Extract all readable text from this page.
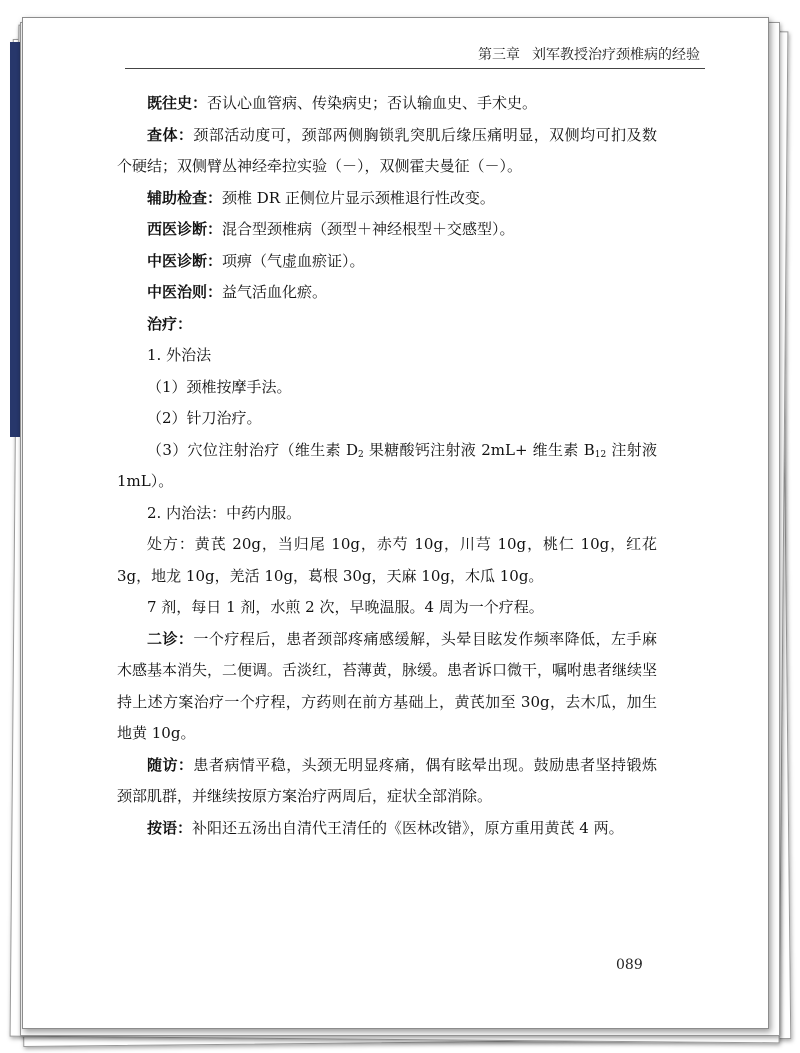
第三章 刘军教授治疗颈椎病的经验

既往史：否认心血管病、传染病史；否认输血史、手术史。

查体：颈部活动度可，颈部两侧胸锁乳突肌后缘压痛明显，双侧均可扪及数个硬结；双侧臂丛神经牵拉实验（－），双侧霍夫曼征（－）。

辅助检查：颈椎 DR 正侧位片显示颈椎退行性改变。

西医诊断：混合型颈椎病（颈型＋神经根型＋交感型）。

中医诊断：项痹（气虚血瘀证）。

中医治则：益气活血化瘀。

治疗：

1. 外治法

（1）颈椎按摩手法。

（2）针刀治疗。

（3）穴位注射治疗（维生素 $D_2$ 果糖酸钙注射液 2mL+ 维生素 $B_{12}$ 注射液 1mL）。

2. 内治法：中药内服。

处方：黄芪 20g，当归尾 10g，赤芍 10g，川芎 10g，桃仁 10g，红花 3g，地龙 10g，羌活 10g，葛根 30g，天麻 10g，木瓜 10g。

7 剂，每日 1 剂，水煎 2 次，早晚温服。4 周为一个疗程。

二诊：一个疗程后，患者颈部疼痛感缓解，头晕目眩发作频率降低，左手麻木感基本消失，二便调。舌淡红，苔薄黄，脉缓。患者诉口微干，嘱咐患者继续坚持上述方案治疗一个疗程，方药则在前方基础上，黄芪加至 30g，去木瓜，加生地黄 10g。

随访：患者病情平稳，头颈无明显疼痛，偶有眩晕出现。鼓励患者坚持锻炼颈部肌群，并继续按原方案治疗两周后，症状全部消除。

按语：补阳还五汤出自清代王清任的《医林改错》，原方重用黄芪 4 两。

089
